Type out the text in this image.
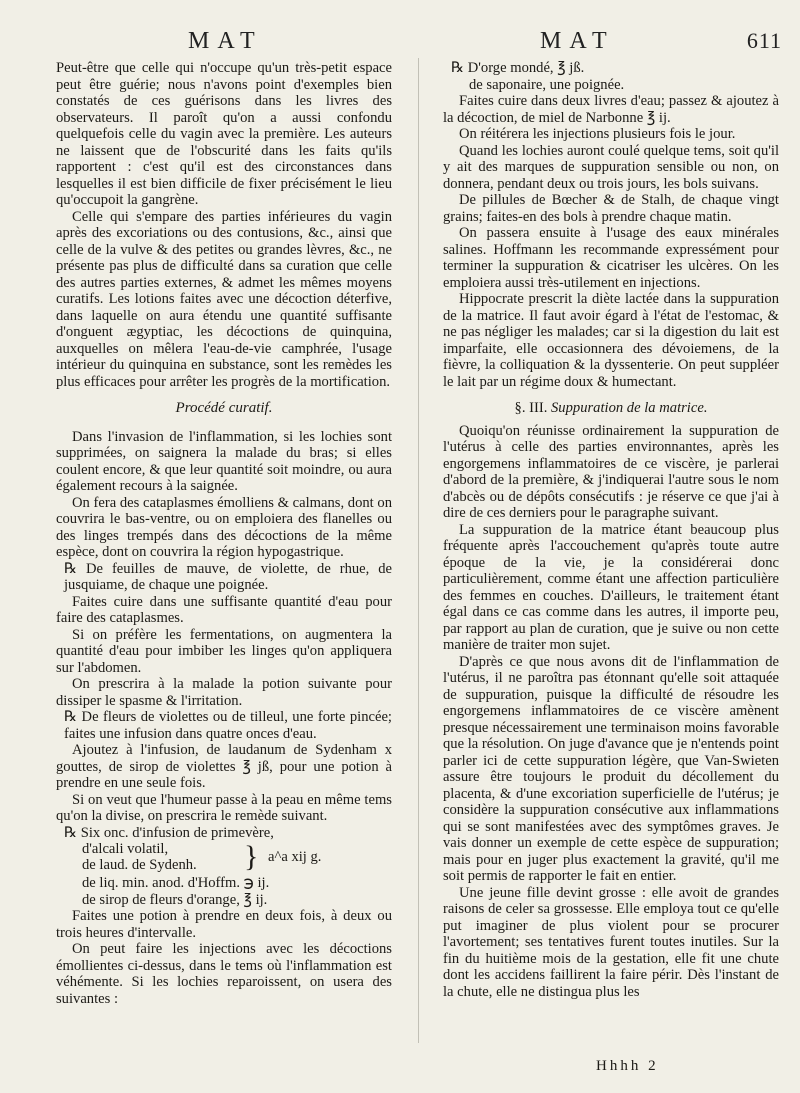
MAT	MAT	611

Peut-être que celle qui n'occupe qu'un très-petit espace peut être guérie; nous n'avons point d'exemples bien constatés de ces guérisons dans les livres des observateurs. Il paroît qu'on a aussi confondu quelquefois celle du vagin avec la première. Les auteurs ne laissent que de l'obscurité dans les faits qu'ils rapportent : c'est qu'il est des circonstances dans lesquelles il est bien difficile de fixer précisément le lieu qu'occupoit la gangrène.

Celle qui s'empare des parties inférieures du vagin après des excoriations ou des contusions, &c., ainsi que celle de la vulve & des petites ou grandes lèvres, &c., ne présente pas plus de difficulté dans sa curation que celle des autres parties externes, & admet les mêmes moyens curatifs. Les lotions faites avec une décoction déterfive, dans laquelle on aura étendu une quantité suffisante d'onguent ægyptiac, les décoctions de quinquina, auxquelles on mêlera l'eau-de-vie camphrée, l'usage intérieur du quinquina en substance, sont les remèdes les plus efficaces pour arrêter les progrès de la mortification.

Procédé curatif.

Dans l'invasion de l'inflammation, si les lochies sont supprimées, on saignera la malade du bras; si elles coulent encore, & que leur quantité soit moindre, ou aura également recours à la saignée.

On fera des cataplasmes émolliens & calmans, dont on couvrira le bas-ventre, ou on emploiera des flanelles ou des linges trempés dans des décoctions de la même espèce, dont on couvrira la région hypogastrique.

℞ De feuilles de mauve, de violette, de rhue, de jusquiame, de chaque une poignée.

Faites cuire dans une suffisante quantité d'eau pour faire des cataplasmes.

Si on préfère les fermentations, on augmentera la quantité d'eau pour imbiber les linges qu'on appliquera sur l'abdomen.

On prescrira à la malade la potion suivante pour dissiper le spasme & l'irritation.

℞ De fleurs de violettes ou de tilleul, une forte pincée; faites une infusion dans quatre onces d'eau.

Ajoutez à l'infusion, de laudanum de Sydenham x gouttes, de sirop de violettes ℥ jß, pour une potion à prendre en une seule fois.

Si on veut que l'humeur passe à la peau en même tems qu'on la divise, on prescrira le remède suivant.

℞ Six onc. d'infusion de primevère,

d'alcali volatil,
de laud. de Sydenh. } a^a xij g.

de liq. min. anod. d'Hoffm. ℈ ij.

de sirop de fleurs d'orange, ℥ ij.

Faites une potion à prendre en deux fois, à deux ou trois heures d'intervalle.

On peut faire les injections avec les décoctions émollientes ci-dessus, dans le tems où l'inflammation est véhémente. Si les lochies reparoissent, on usera des suivantes :

℞ D'orge mondé, ℥ jß.

de saponaire, une poignée.

Faites cuire dans deux livres d'eau; passez & ajoutez à la décoction, de miel de Narbonne ℥ ij.

On réitérera les injections plusieurs fois le jour.

Quand les lochies auront coulé quelque tems, soit qu'il y ait des marques de suppuration sensible ou non, on donnera, pendant deux ou trois jours, les bols suivans.

De pillules de Bœcher & de Stalh, de chaque vingt grains; faites-en des bols à prendre chaque matin.

On passera ensuite à l'usage des eaux minérales salines. Hoffmann les recommande expressément pour terminer la suppuration & cicatriser les ulcères. On les emploiera aussi très-utilement en injections.

Hippocrate prescrit la diète lactée dans la suppuration de la matrice. Il faut avoir égard à l'état de l'estomac, & ne pas négliger les malades; car si la digestion du lait est imparfaite, elle occasionnera des dévoiemens, de la fièvre, la colliquation & la dyssenterie. On peut suppléer le lait par un régime doux & humectant.

§. III. Suppuration de la matrice.

Quoiqu'on réunisse ordinairement la suppuration de l'utérus à celle des parties environnantes, après les engorgemens inflammatoires de ce viscère, je parlerai d'abord de la première, & j'indiquerai l'autre sous le nom d'abcès ou de dépôts consécutifs : je réserve ce que j'ai à dire de ces derniers pour le paragraphe suivant.

La suppuration de la matrice étant beaucoup plus fréquente après l'accouchement qu'après toute autre époque de la vie, je la considérerai donc particulièrement, comme étant une affection particulière des femmes en couches. D'ailleurs, le traitement étant égal dans ce cas comme dans les autres, il importe peu, par rapport au plan de curation, que je suive ou non cette manière de traiter mon sujet.

D'après ce que nous avons dit de l'inflammation de l'utérus, il ne paroîtra pas étonnant qu'elle soit attaquée de suppuration, puisque la difficulté de résoudre les engorgemens inflammatoires de ce viscère amènent presque nécessairement une terminaison moins favorable que la résolution. On juge d'avance que je n'entends point parler ici de cette suppuration légère, que Van-Swieten assure être toujours le produit du décollement du placenta, & d'une excoriation superficielle de l'utérus; je considère la suppuration consécutive aux inflammations qui se sont manifestées avec des symptômes graves. Je vais donner un exemple de cette espèce de suppuration; mais pour en juger plus exactement la gravité, qu'il me soit permis de rapporter le fait en entier.

Une jeune fille devint grosse : elle avoit de grandes raisons de celer sa grossesse. Elle employa tout ce qu'elle put imaginer de plus violent pour se procurer l'avortement; ses tentatives furent toutes inutiles. Sur la fin du huitième mois de la gestation, elle fit une chute dont les accidens faillirent la faire périr. Dès l'instant de la chute, elle ne distingua plus les

Hhhh 2
